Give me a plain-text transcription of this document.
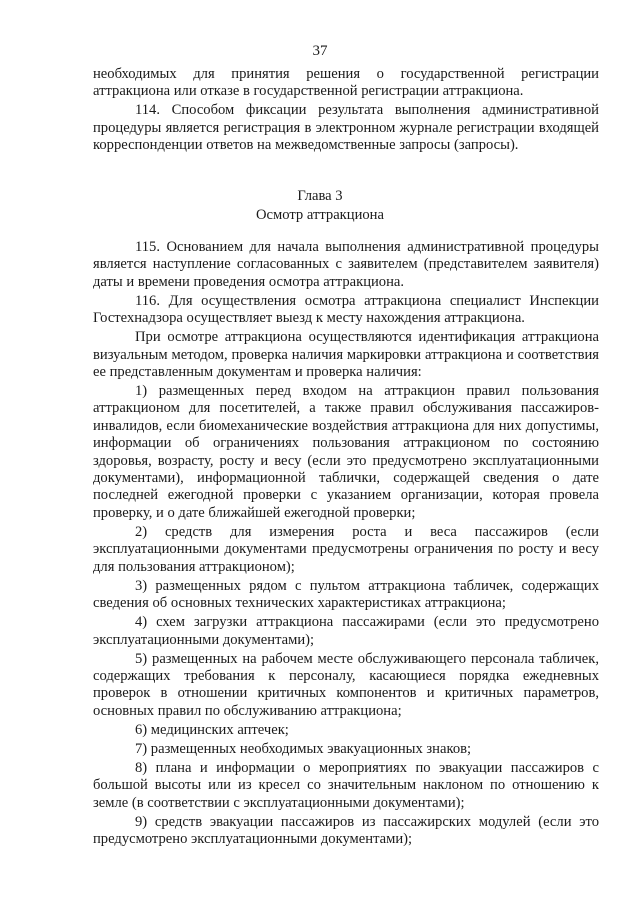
37

необходимых для принятия решения о государственной регистрации аттракциона или отказе в государственной регистрации аттракциона.

114. Способом фиксации результата выполнения административной процедуры является регистрация в электронном журнале регистрации входящей корреспонденции ответов на межведомственные запросы (запросы).

Глава 3
Осмотр аттракциона

115. Основанием для начала выполнения административной процедуры является наступление согласованных с заявителем (представителем заявителя) даты и времени проведения осмотра аттракциона.

116. Для осуществления осмотра аттракциона специалист Инспекции Гостехнадзора осуществляет выезд к месту нахождения аттракциона.

При осмотре аттракциона осуществляются идентификация аттракциона визуальным методом, проверка наличия маркировки аттракциона и соответствия ее представленным документам и проверка наличия:

1) размещенных перед входом на аттракцион правил пользования аттракционом для посетителей, а также правил обслуживания пассажиров-инвалидов, если биомеханические воздействия аттракциона для них допустимы, информации об ограничениях пользования аттракционом по состоянию здоровья, возрасту, росту и весу (если это предусмотрено эксплуатационными документами), информационной таблички, содержащей сведения о дате последней ежегодной проверки с указанием организации, которая провела проверку, и о дате ближайшей ежегодной проверки;

2) средств для измерения роста и веса пассажиров (если эксплуатационными документами предусмотрены ограничения по росту и весу для пользования аттракционом);

3) размещенных рядом с пультом аттракциона табличек, содержащих сведения об основных технических характеристиках аттракциона;

4) схем загрузки аттракциона пассажирами (если это предусмотрено эксплуатационными документами);

5) размещенных на рабочем месте обслуживающего персонала табличек, содержащих требования к персоналу, касающиеся порядка ежедневных проверок в отношении критичных компонентов и критичных параметров, основных правил по обслуживанию аттракциона;

6) медицинских аптечек;

7) размещенных необходимых эвакуационных знаков;

8) плана и информации о мероприятиях по эвакуации пассажиров с большой высоты или из кресел со значительным наклоном по отношению к земле (в соответствии с эксплуатационными документами);

9) средств эвакуации пассажиров из пассажирских модулей (если это предусмотрено эксплуатационными документами);
